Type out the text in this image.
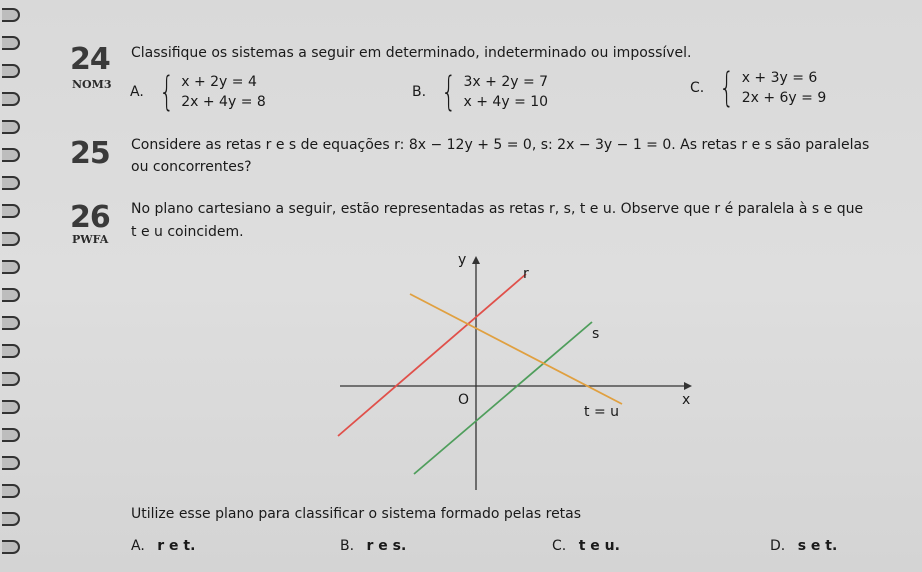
24
NOM3
Classifique os sistemas a seguir em determinado, indeterminado ou impossível.
A. { x + 2y = 4
2x + 4y = 8
B. { 3x + 2y = 7
x + 4y = 10
C. { x + 3y = 6
2x + 6y = 9
25 Considere as retas r e s de equações r: 8x − 12y + 5 = 0, s: 2x − 3y − 1 = 0. As retas r e s são paralelas
ou concorrentes?
26
PWFA
No plano cartesiano a seguir, estão representadas as retas r, s, t e u. Observe que r é paralela à s e que
t e u coincidem.
y
x
O
r
s
t = u
Utilize esse plano para classificar o sistema formado pelas retas
A. r e t.	B. r e s.	C. t e u.	D. s e t.
